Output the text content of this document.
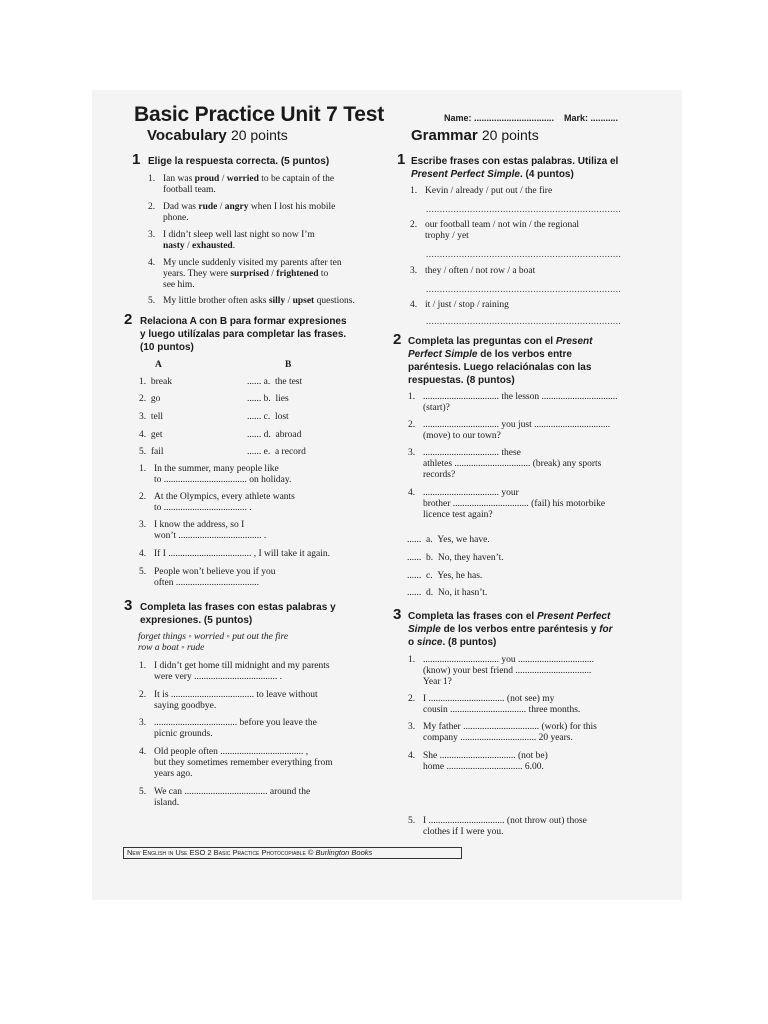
Basic Practice Unit 7 Test	Name: ................................ Mark: ...........
Vocabulary 20 points
1 Elige la respuesta correcta. (5 puntos)
1. Ian was proud / worried to be captain of the
football team.
2. Dad was rude / angry when I lost his mobile
phone.
3. I didn’t sleep well last night so now I’m
nasty / exhausted.
4. My uncle suddenly visited my parents after ten
years. They were surprised / frightened to
see him.
5. My little brother often asks silly / upset questions.
2 Relaciona A con B para formar expresiones
y luego utilízalas para completar las frases.
(10 puntos)
A	B
1. break	...... a. the test
2. go	...... b. lies
3. tell	...... c. lost
4. get	...... d. abroad
5. fail	...... e. a record
1. In the summer, many people like
to ................................... on holiday.
2. At the Olympics, every athlete wants
to ................................... .
3. I know the address, so I
won’t ................................... .
4. If I ................................... , I will take it again.
5. People won’t believe you if you
often ...................................
3 Completa las frases con estas palabras y
expresiones. (5 puntos)
forget things ◦ worried ◦ put out the fire
row a boat ◦ rude
1. I didn’t get home till midnight and my parents
were very ................................... .
2. It is ................................... to leave without
saying goodbye.
3. ................................... before you leave the
picnic grounds.
4. Old people often ................................... ,
but they sometimes remember everything from
years ago.
5. We can ................................... around the
island.
Grammar 20 points
1 Escribe frases con estas palabras. Utiliza el
Present Perfect Simple. (4 puntos)
1. Kevin / already / put out / the fire
.......................................................................
2. our football team / not win / the regional
trophy / yet
.......................................................................
3. they / often / not row / a boat
.......................................................................
4. it / just / stop / raining
.......................................................................
2 Completa las preguntas con el Present
Perfect Simple de los verbos entre
paréntesis. Luego relaciónalas con las
respuestas. (8 puntos)
1. ................................ the lesson ................................
(start)?
2. ................................ you just ................................
(move) to our town?
3. ................................ these
athletes ................................ (break) any sports
records?
4. ................................ your
brother ................................ (fail) his motorbike
licence test again?
...... a. Yes, we have.
...... b. No, they haven’t.
...... c. Yes, he has.
...... d. No, it hasn’t.
3 Completa las frases con el Present Perfect
Simple de los verbos entre paréntesis y for
o since. (8 puntos)
1. ................................ you ................................
(know) your best friend ................................
Year 1?
2. I ................................ (not see) my
cousin ................................ three months.
3. My father ................................ (work) for this
company ................................ 20 years.
4. She ................................ (not be)
home ................................ 6.00.
5. I ................................ (not throw out) those
clothes if I were you.
New English in Use ESO 2 Basic Practice Photocopiable © Burlington Books
